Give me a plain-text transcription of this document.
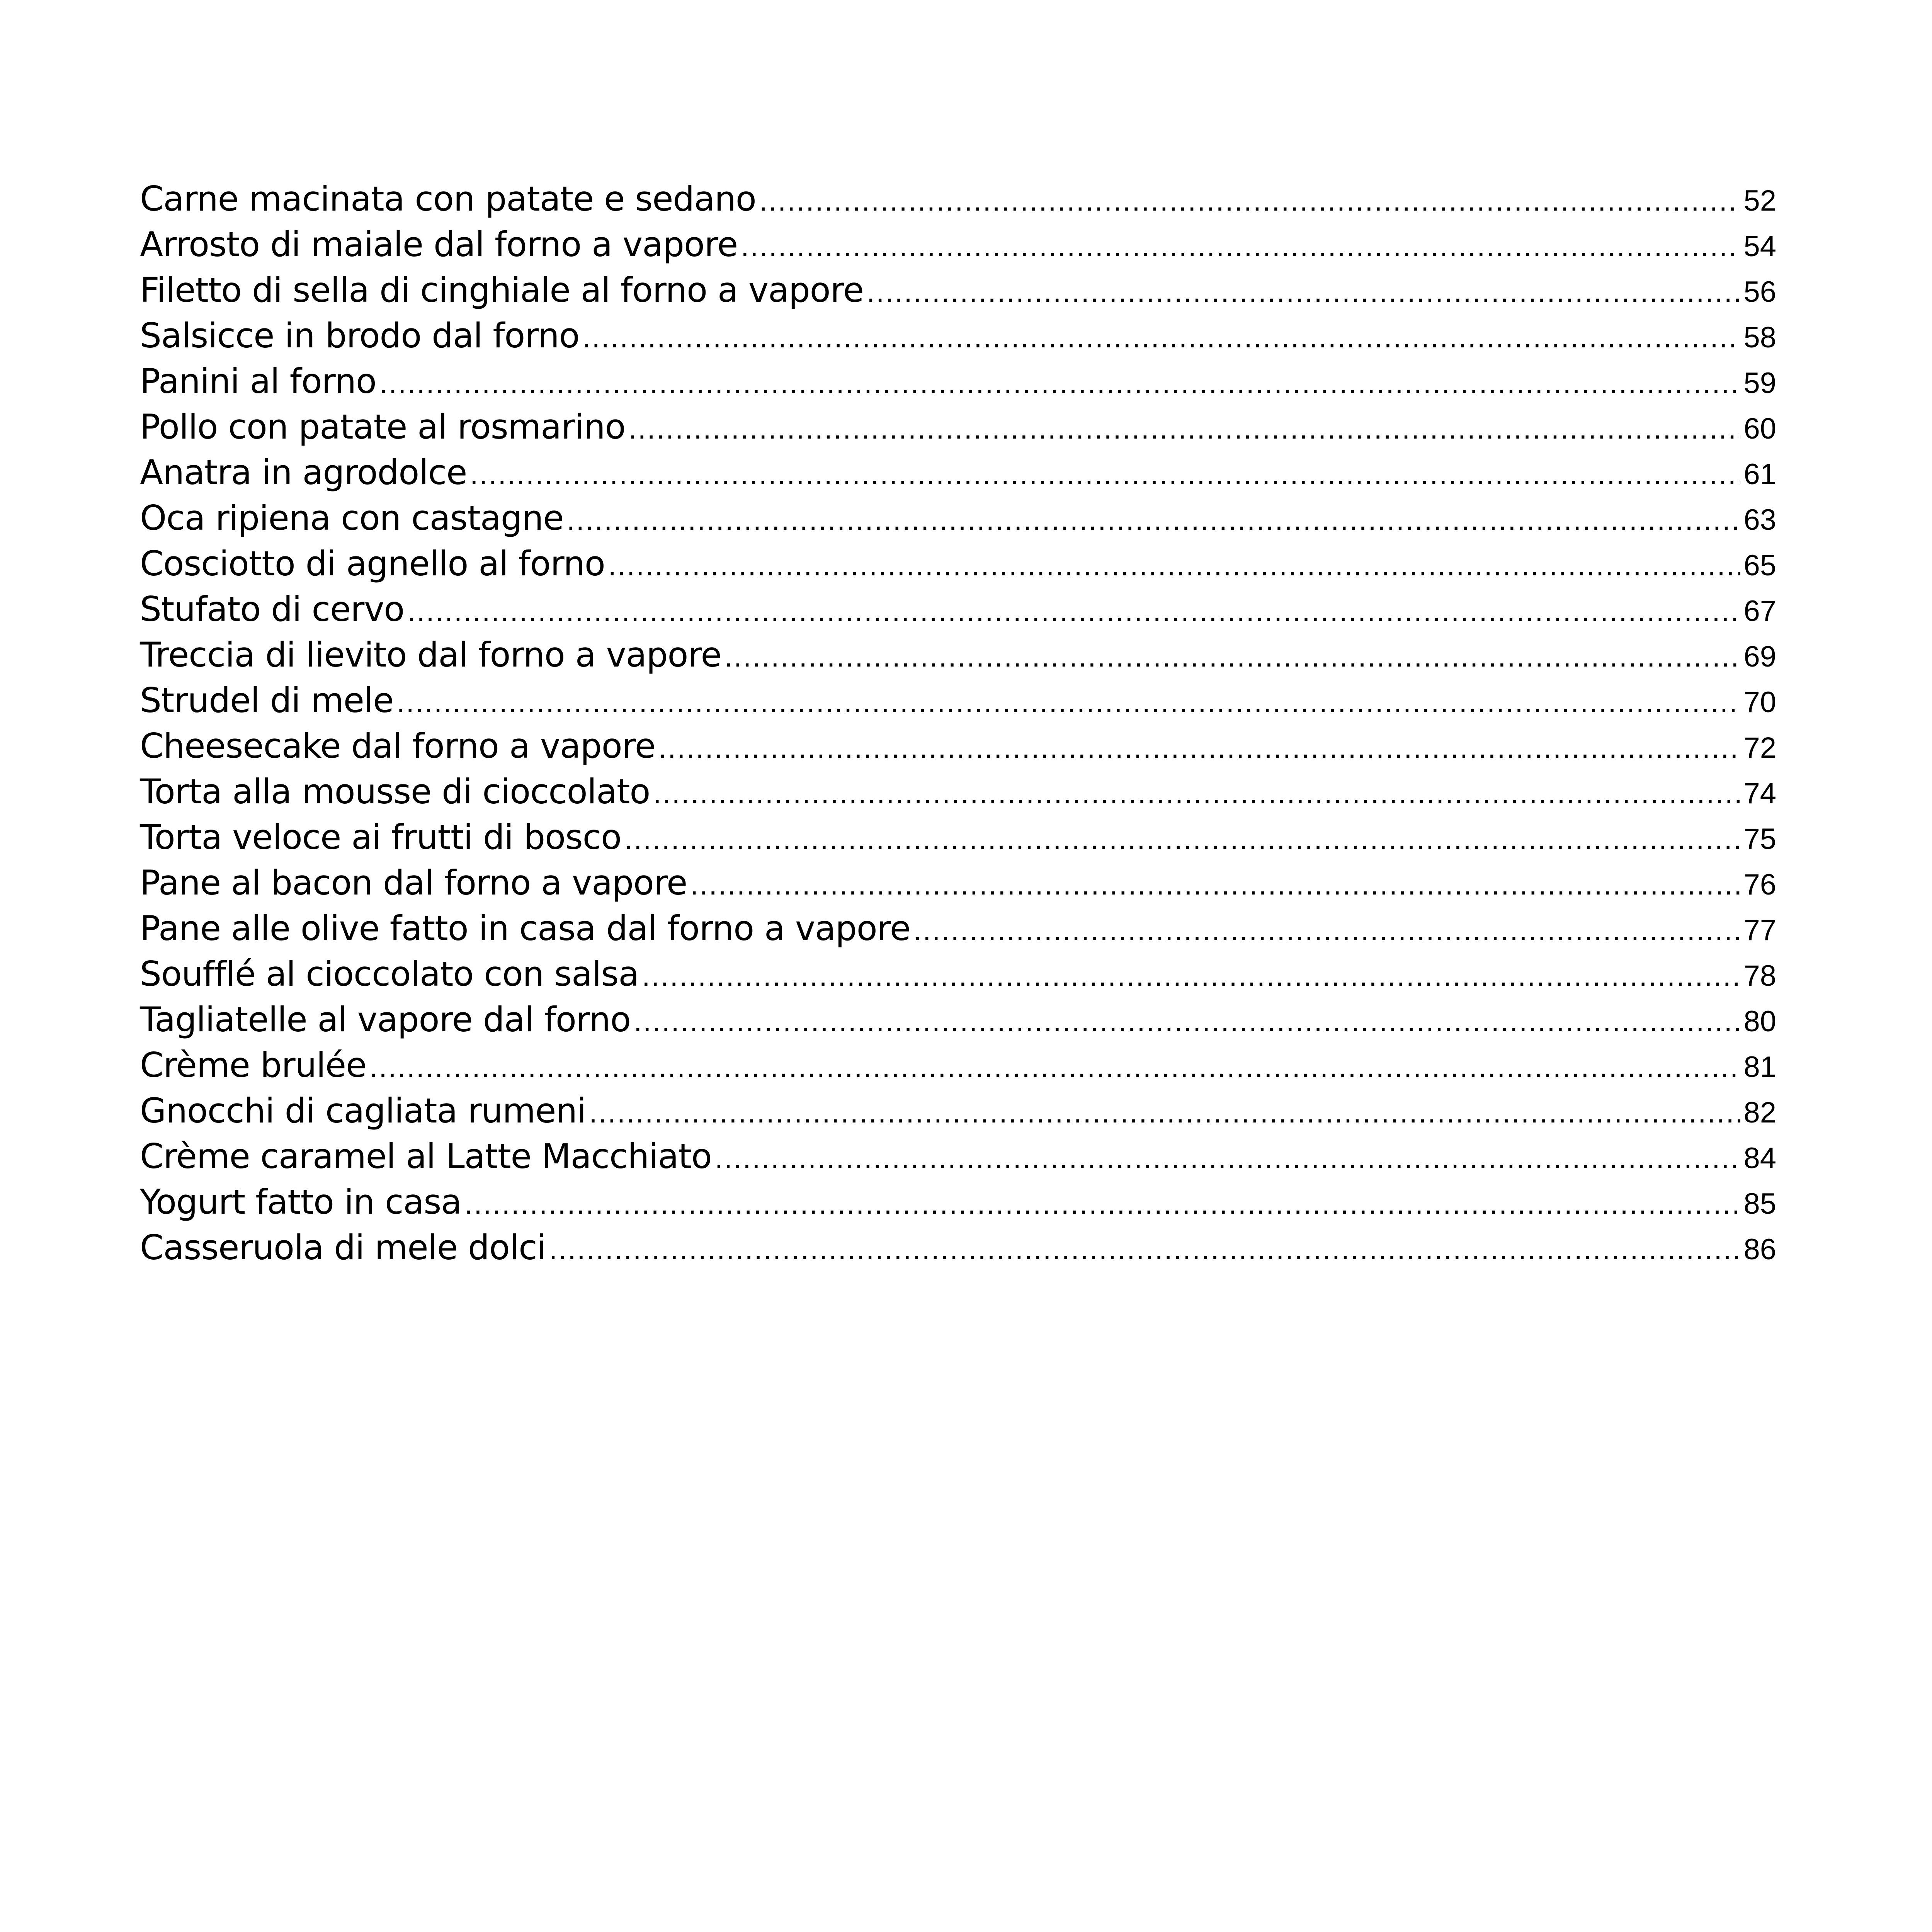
Carne macinata con patate e sedano .....	52
Arrosto di maiale dal forno a vapore .....	54
Filetto di sella di cinghiale al forno a vapore .....	56
Salsicce in brodo dal forno .....	58
Panini al forno .....	59
Pollo con patate al rosmarino .....	60
Anatra in agrodolce .....	61
Oca ripiena con castagne .....	63
Cosciotto di agnello al forno .....	65
Stufato di cervo .....	67
Treccia di lievito dal forno a vapore .....	69
Strudel di mele .....	70
Cheesecake dal forno a vapore .....	72
Torta alla mousse di cioccolato .....	74
Torta veloce ai frutti di bosco .....	75
Pane al bacon dal forno a vapore .....	76
Pane alle olive fatto in casa dal forno a vapore .....	77
Soufflé al cioccolato con salsa .....	78
Tagliatelle al vapore dal forno .....	80
Crème brulée .....	81
Gnocchi di cagliata rumeni .....	82
Crème caramel al Latte Macchiato .....	84
Yogurt fatto in casa .....	85
Casseruola di mele dolci .....	86
